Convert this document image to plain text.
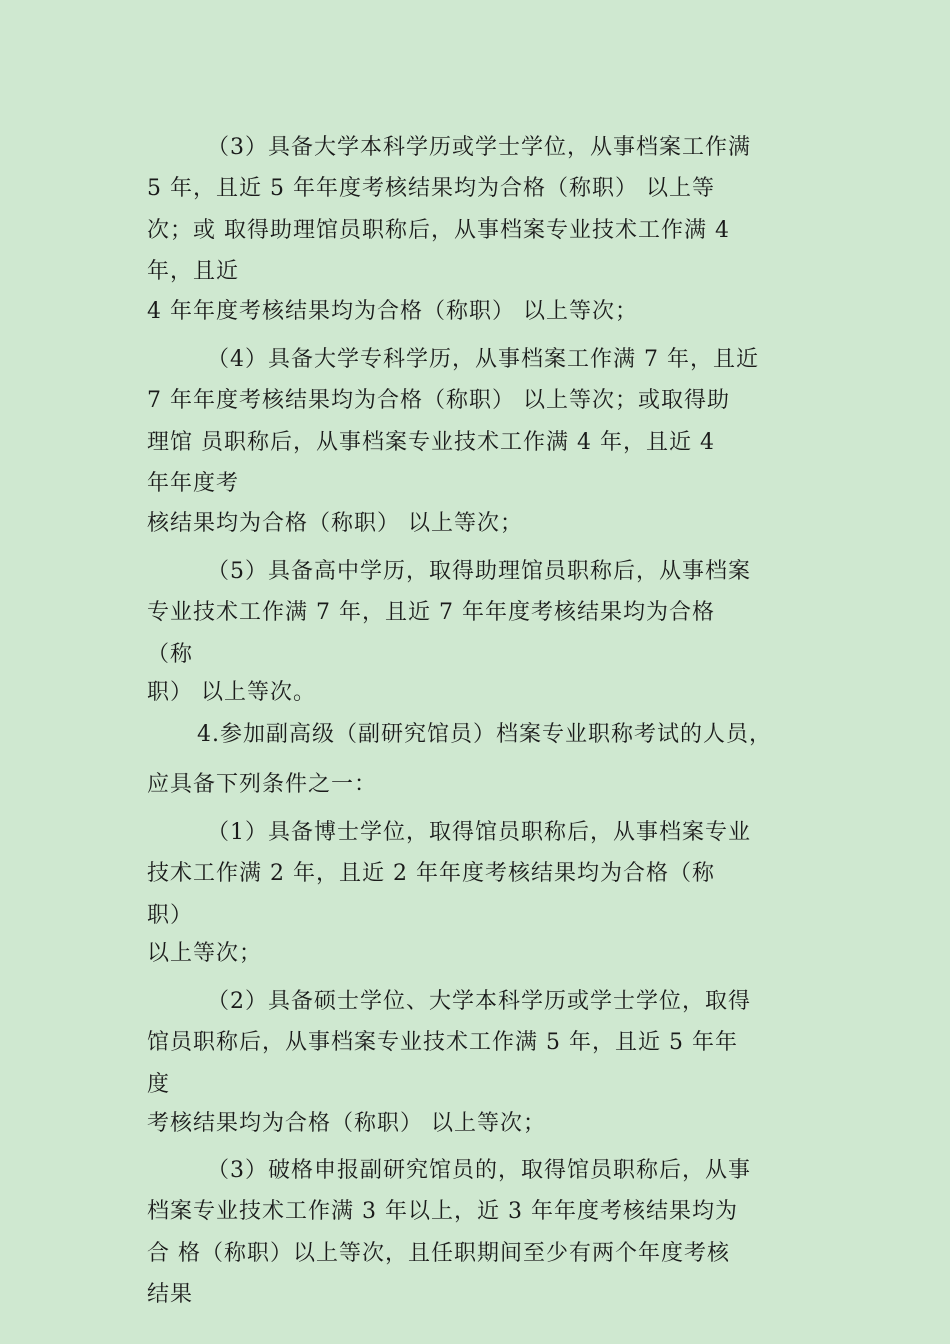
（3）具备大学本科学历或学士学位，从事档案工作满
5 年，且近 5 年年度考核结果均为合格（称职） 以上等
次；或 取得助理馆员职称后，从事档案专业技术工作满 4
年，且近
4 年年度考核结果均为合格（称职） 以上等次；
（4）具备大学专科学历，从事档案工作满 7 年，且近
7 年年度考核结果均为合格（称职） 以上等次；或取得助
理馆 员职称后，从事档案专业技术工作满 4 年，且近 4
年年度考
核结果均为合格（称职） 以上等次；
（5）具备高中学历，取得助理馆员职称后，从事档案
专业技术工作满 7 年，且近 7 年年度考核结果均为合格
（称
职） 以上等次。
4.参加副高级（副研究馆员）档案专业职称考试的人员，
应具备下列条件之一：
（1）具备博士学位，取得馆员职称后，从事档案专业
技术工作满 2 年，且近 2 年年度考核结果均为合格（称
职）
以上等次；
（2）具备硕士学位、大学本科学历或学士学位，取得
馆员职称后，从事档案专业技术工作满 5 年，且近 5 年年
度
考核结果均为合格（称职） 以上等次；
（3）破格申报副研究馆员的，取得馆员职称后，从事
档案专业技术工作满 3 年以上，近 3 年年度考核结果均为
合 格（称职）以上等次，且任职期间至少有两个年度考核
结果
